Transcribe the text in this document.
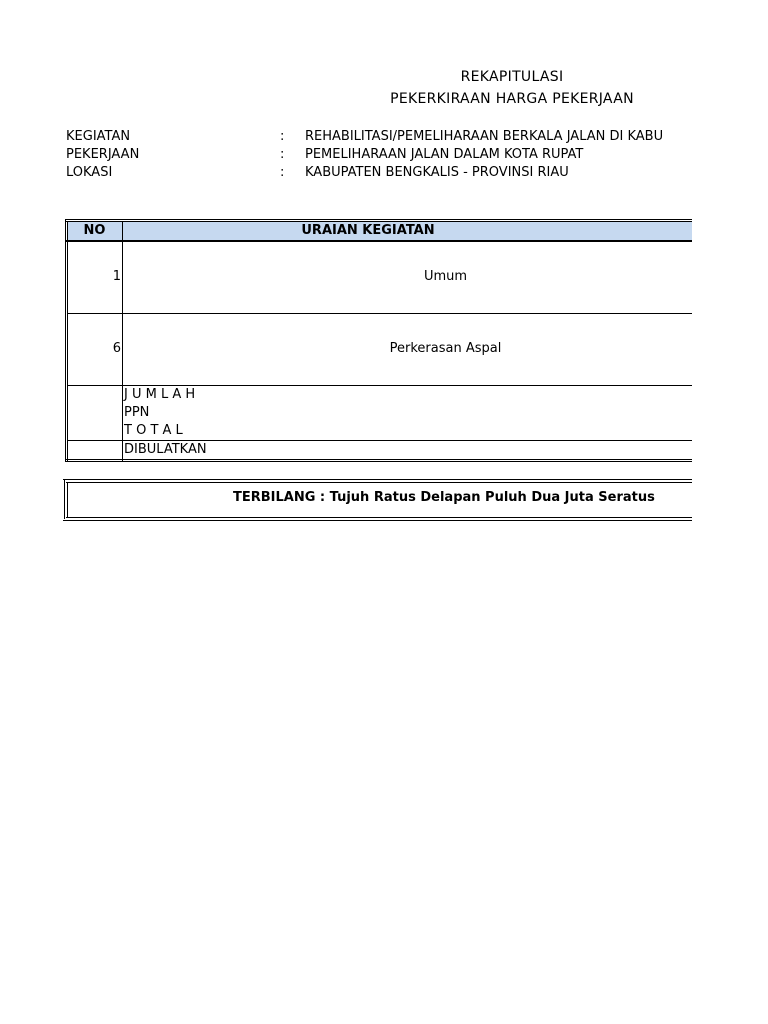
REKAPITULASI
PEKERKIRAAN HARGA PEKERJAAN
KEGIATAN	: REHABILITASI/PEMELIHARAAN BERKALA JALAN DI KABU
PEKERJAAN	: PEMELIHARAAN JALAN DALAM KOTA RUPAT
LOKASI	: KABUPATEN BENGKALIS - PROVINSI RIAU
NO	URAIAN KEGIATAN
1	Umum
6	Perkerasan Aspal
J U M L A H
PPN
T O T A L
DIBULATKAN
TERBILANG : Tujuh Ratus Delapan Puluh Dua Juta Seratus
